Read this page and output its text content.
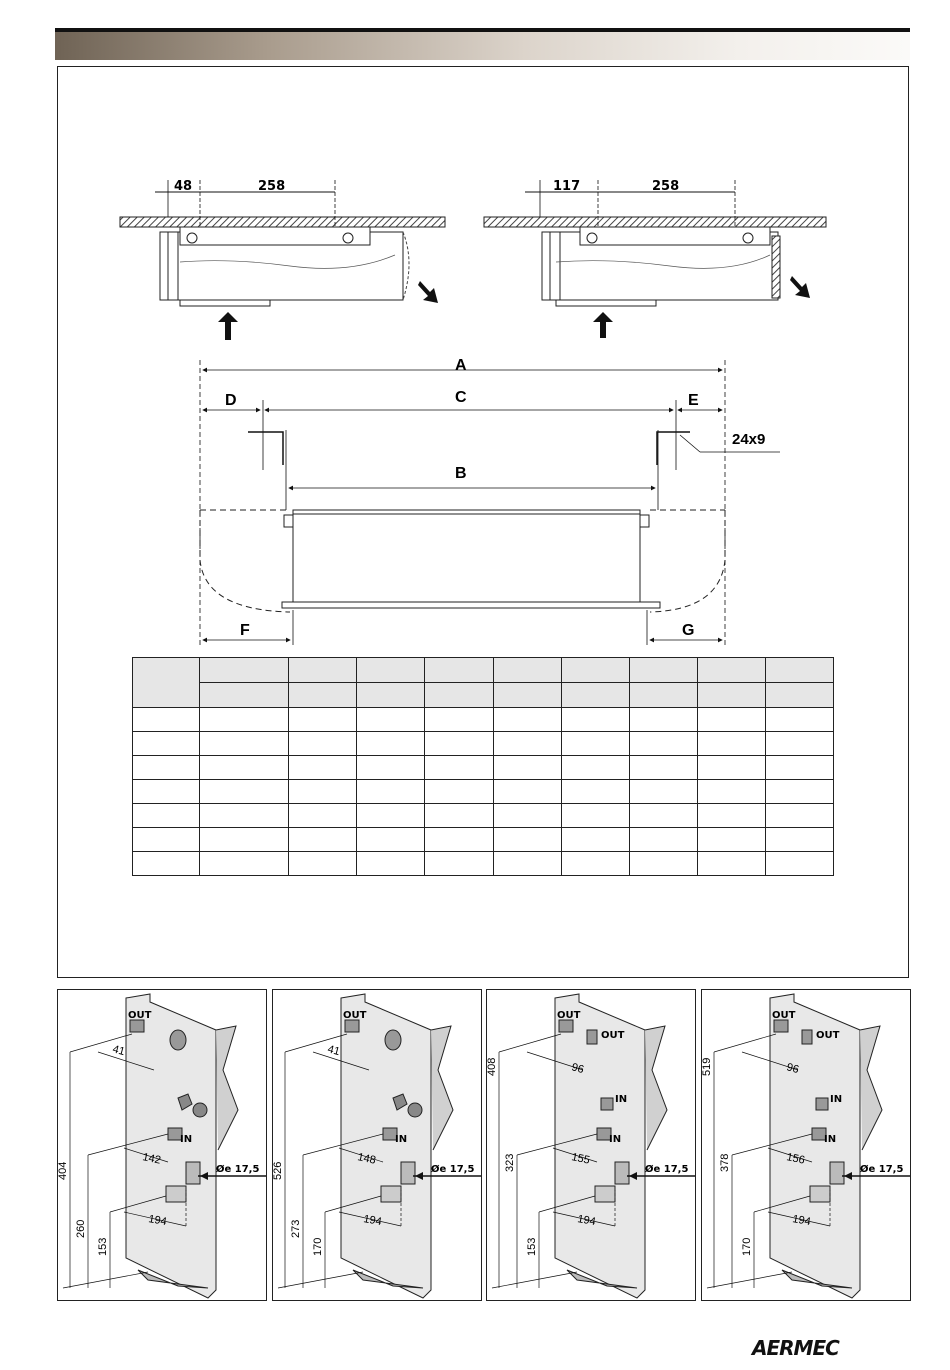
48	258	117	258
A
C
D	E
B
F	G
24x9

OUT
IN
41
142
194
404
260
153
Øe 17,5
OUT
IN
41
148
194
526
273
170
Øe 17,5
OUT
OUT
IN
IN
96
155
194
408
323
153
Øe 17,5
OUT
OUT
IN
IN
96
156
194
519
378
170
Øe 17,5
AERMEC
